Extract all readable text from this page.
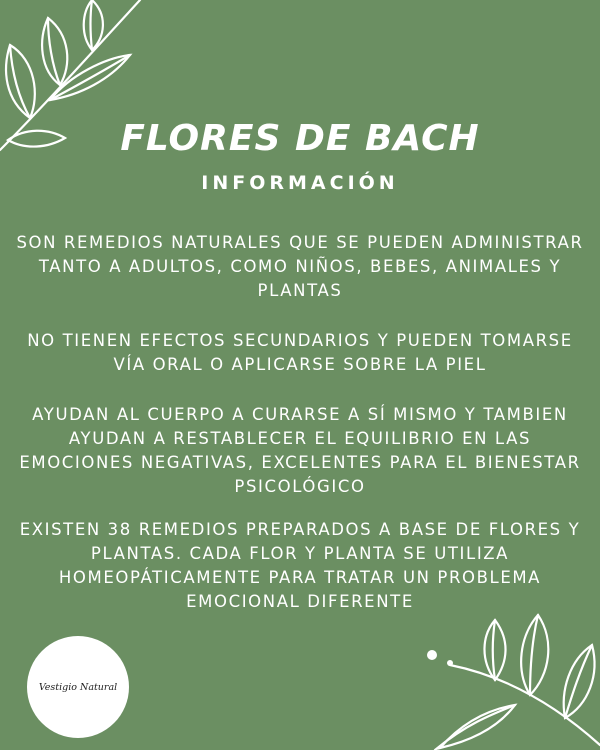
FLORES DE BACH
INFORMACIÓN
SON REMEDIOS NATURALES QUE SE PUEDEN ADMINISTRAR TANTO A ADULTOS, COMO NIÑOS, BEBES, ANIMALES Y PLANTAS
NO TIENEN EFECTOS SECUNDARIOS Y PUEDEN TOMARSE VÍA ORAL O APLICARSE SOBRE LA PIEL
AYUDAN AL CUERPO A CURARSE A SÍ MISMO Y TAMBIEN AYUDAN A RESTABLECER EL EQUILIBRIO EN LAS EMOCIONES NEGATIVAS, EXCELENTES PARA EL BIENESTAR PSICOLÓGICO
EXISTEN 38 REMEDIOS PREPARADOS A BASE DE FLORES Y PLANTAS. CADA FLOR Y PLANTA SE UTILIZA HOMEOPÁTICAMENTE PARA TRATAR UN PROBLEMA EMOCIONAL DIFERENTE
Vestigio Natural
